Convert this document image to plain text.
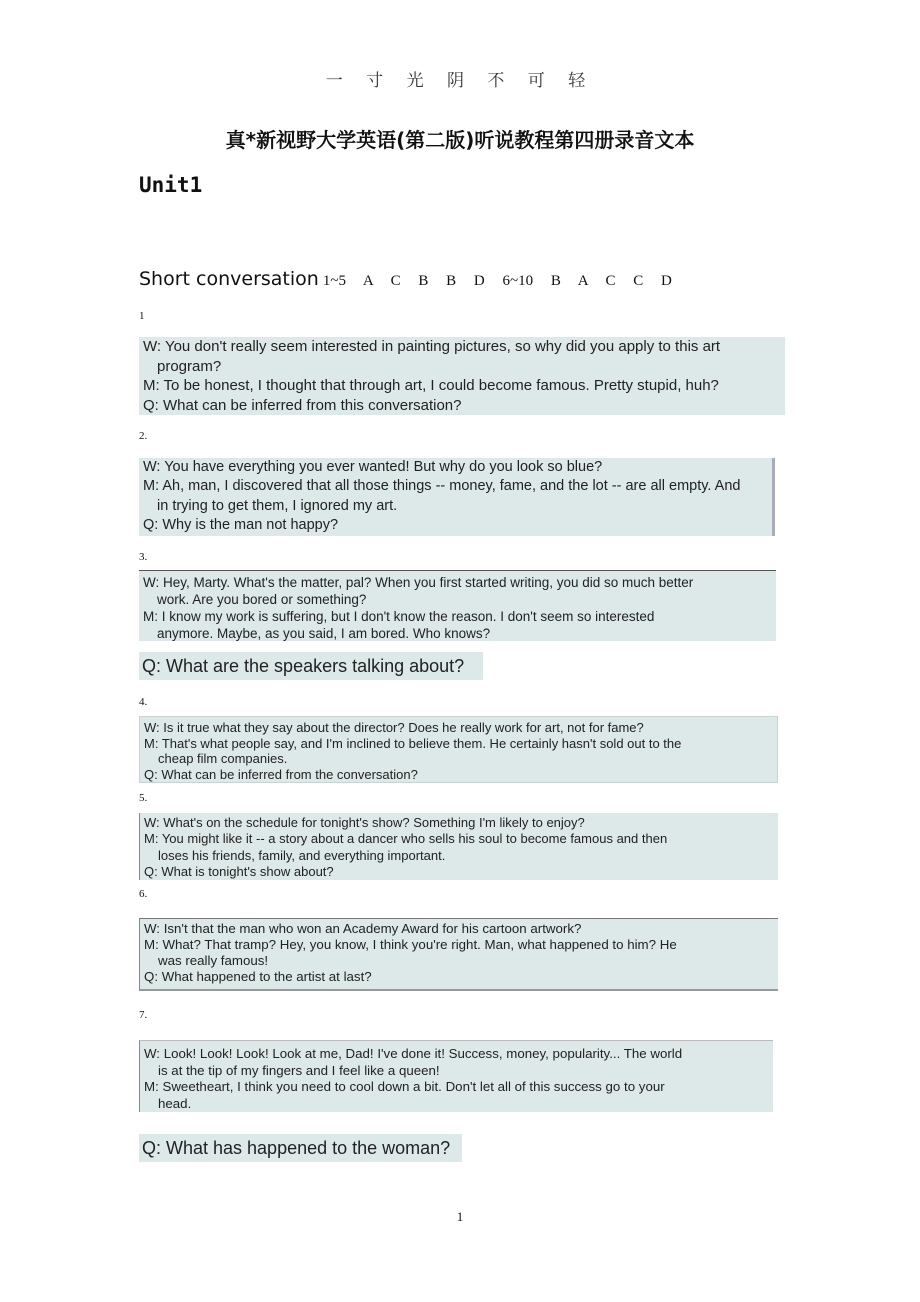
一 寸 光 阴 不 可 轻
真*新视野大学英语(第二版)听说教程第四册录音文本
Unit1
Short conversation 1~5 A C B B D 6~10 B A C C D
1
W: You don't really seem interested in painting pictures, so why did you apply to this art
program?
M: To be honest, I thought that through art, I could become famous. Pretty stupid, huh?
Q: What can be inferred from this conversation?
2.
W: You have everything you ever wanted! But why do you look so blue?
M: Ah, man, I discovered that all those things -- money, fame, and the lot -- are all empty. And
in trying to get them, I ignored my art.
Q: Why is the man not happy?
3.
W: Hey, Marty. What's the matter, pal? When you first started writing, you did so much better
work. Are you bored or something?
M: I know my work is suffering, but I don't know the reason. I don't seem so interested
anymore. Maybe, as you said, I am bored. Who knows?
Q: What are the speakers talking about?
4.
W: Is it true what they say about the director? Does he really work for art, not for fame?
M: That's what people say, and I'm inclined to believe them. He certainly hasn't sold out to the
cheap film companies.
Q: What can be inferred from the conversation?
5.
W: What's on the schedule for tonight's show? Something I'm likely to enjoy?
M: You might like it -- a story about a dancer who sells his soul to become famous and then
loses his friends, family, and everything important.
Q: What is tonight's show about?
6.
W: Isn't that the man who won an Academy Award for his cartoon artwork?
M: What? That tramp? Hey, you know, I think you're right. Man, what happened to him? He
was really famous!
Q: What happened to the artist at last?
7.
W: Look! Look! Look! Look at me, Dad! I've done it! Success, money, popularity... The world
is at the tip of my fingers and I feel like a queen!
M: Sweetheart, I think you need to cool down a bit. Don't let all of this success go to your
head.
Q: What has happened to the woman?
1
